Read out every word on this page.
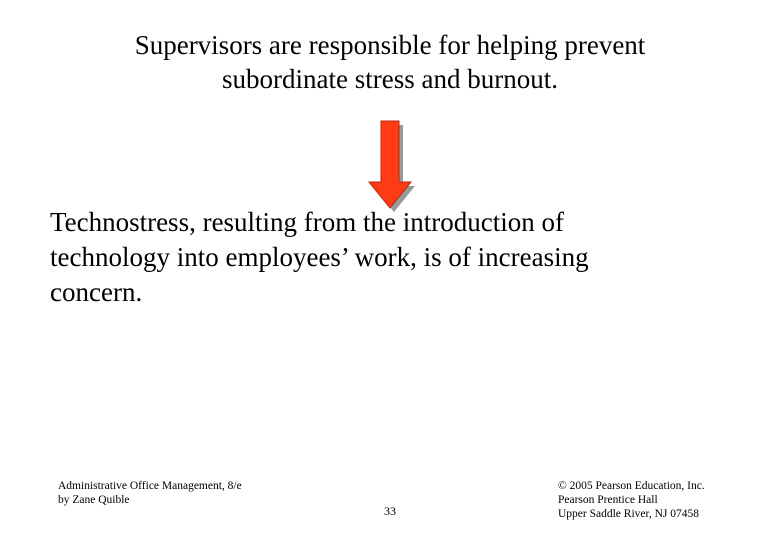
Supervisors are responsible for helping prevent
subordinate stress and burnout.
Technostress, resulting from the introduction of
technology into employees’ work, is of increasing
concern.
Administrative Office Management, 8/e
by Zane Quible
33
© 2005 Pearson Education, Inc.
Pearson Prentice Hall
Upper Saddle River, NJ 07458
